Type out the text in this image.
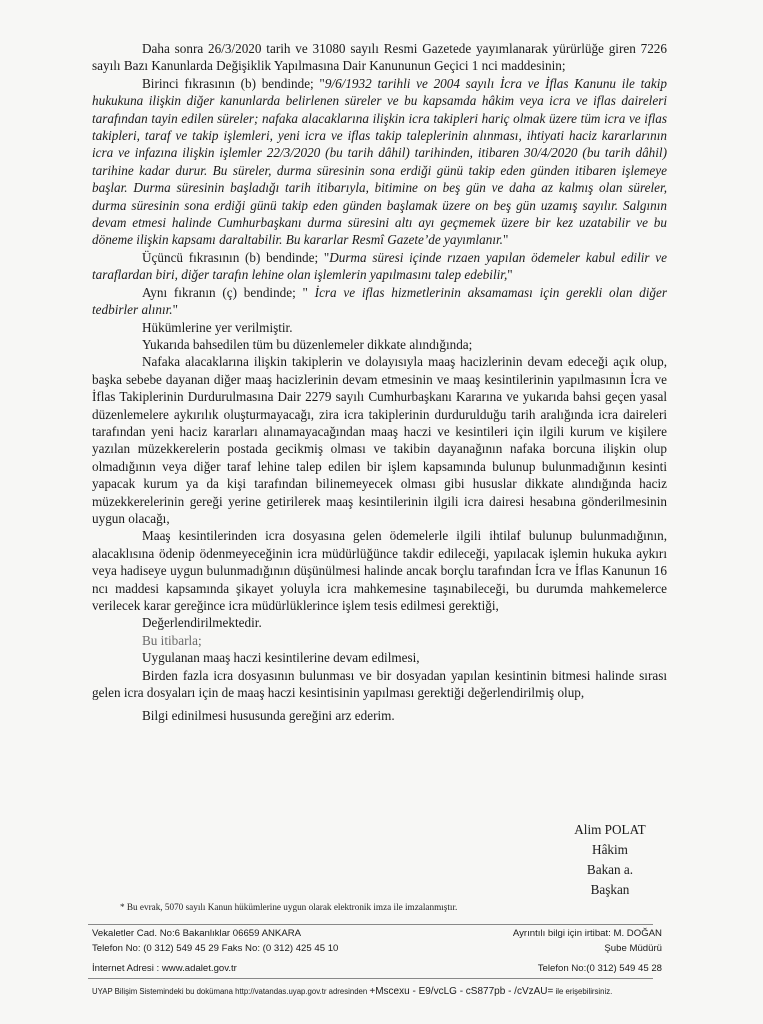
Daha sonra 26/3/2020 tarih ve 31080 sayılı Resmi Gazetede yayımlanarak yürürlüğe giren 7226 sayılı Bazı Kanunlarda Değişiklik Yapılmasına Dair Kanununun Geçici 1 nci maddesinin;

Birinci fıkrasının (b) bendinde; "9/6/1932 tarihli ve 2004 sayılı İcra ve İflas Kanunu ile takip hukukuna ilişkin diğer kanunlarda belirlenen süreler ve bu kapsamda hâkim veya icra ve iflas daireleri tarafından tayin edilen süreler; nafaka alacaklarına ilişkin icra takipleri hariç olmak üzere tüm icra ve iflas takipleri, taraf ve takip işlemleri, yeni icra ve iflas takip taleplerinin alınması, ihtiyati haciz kararlarının icra ve infazına ilişkin işlemler 22/3/2020 (bu tarih dâhil) tarihinden, itibaren 30/4/2020 (bu tarih dâhil) tarihine kadar durur. Bu süreler, durma süresinin sona erdiği günü takip eden günden itibaren işlemeye başlar. Durma süresinin başladığı tarih itibarıyla, bitimine on beş gün ve daha az kalmış olan süreler, durma süresinin sona erdiği günü takip eden günden başlamak üzere on beş gün uzamış sayılır. Salgının devam etmesi halinde Cumhurbaşkanı durma süresini altı ayı geçmemek üzere bir kez uzatabilir ve bu döneme ilişkin kapsamı daraltabilir. Bu kararlar Resmî Gazete’de yayımlanır."

Üçüncü fıkrasının (b) bendinde; "Durma süresi içinde rızaen yapılan ödemeler kabul edilir ve taraflardan biri, diğer tarafın lehine olan işlemlerin yapılmasını talep edebilir,"

Aynı fıkranın (ç) bendinde; " İcra ve iflas hizmetlerinin aksamaması için gerekli olan diğer tedbirler alınır."

Hükümlerine yer verilmiştir.

Yukarıda bahsedilen tüm bu düzenlemeler dikkate alındığında;

Nafaka alacaklarına ilişkin takiplerin ve dolayısıyla maaş hacizlerinin devam edeceği açık olup, başka sebebe dayanan diğer maaş hacizlerinin devam etmesinin ve maaş kesintilerinin yapılmasının İcra ve İflas Takiplerinin Durdurulmasına Dair 2279 sayılı Cumhurbaşkanı Kararına ve yukarıda bahsi geçen yasal düzenlemelere aykırılık oluşturmayacağı, zira icra takiplerinin durdurulduğu tarih aralığında icra daireleri tarafından yeni haciz kararları alınamayacağından maaş haczi ve kesintileri için ilgili kurum ve kişilere yazılan müzekkerelerin postada gecikmiş olması ve takibin dayanağının nafaka borcuna ilişkin olup olmadığının veya diğer taraf lehine talep edilen bir işlem kapsamında bulunup bulunmadığının kesinti yapacak kurum ya da kişi tarafından bilinemeyecek olması gibi hususlar dikkate alındığında haciz müzekkerelerinin gereği yerine getirilerek maaş kesintilerinin ilgili icra dairesi hesabına gönderilmesinin uygun olacağı,

Maaş kesintilerinden icra dosyasına gelen ödemelerle ilgili ihtilaf bulunup bulunmadığının, alacaklısına ödenip ödenmeyeceğinin icra müdürlüğünce takdir edileceği, yapılacak işlemin hukuka aykırı veya hadiseye uygun bulunmadığının düşünülmesi halinde ancak borçlu tarafından İcra ve İflas Kanunun 16 ncı maddesi kapsamında şikayet yoluyla icra mahkemesine taşınabileceği, bu durumda mahkemelerce verilecek karar gereğince icra müdürlüklerince işlem tesis edilmesi gerektiği,

Değerlendirilmektedir.

Bu itibarla;

Uygulanan maaş haczi kesintilerine devam edilmesi,

Birden fazla icra dosyasının bulunması ve bir dosyadan yapılan kesintinin bitmesi halinde sırası gelen icra dosyaları için de maaş haczi kesintisinin yapılması gerektiği değerlendirilmiş olup,

Bilgi edinilmesi hususunda gereğini arz ederim.

Alim POLAT
Hâkim
Bakan a.
Başkan
* Bu evrak, 5070 sayılı Kanun hükümlerine uygun olarak elektronik imza ile imzalanmıştır.
Vekaletler Cad. No:6 Bakanlıklar 06659 ANKARA	Ayrıntılı bilgi için irtibat: M. DOĞAN
Telefon No: (0 312) 549 45 29 Faks No: (0 312) 425 45 10	Şube Müdürü
İnternet Adresi : www.adalet.gov.tr	Telefon No:(0 312) 549 45 28
UYAP Bilişim Sistemindeki bu dokümana http://vatandas.uyap.gov.tr adresinden +Mscexu - E9/vcLG - cS877pb - /cVzAU= ile erişebilirsiniz.
